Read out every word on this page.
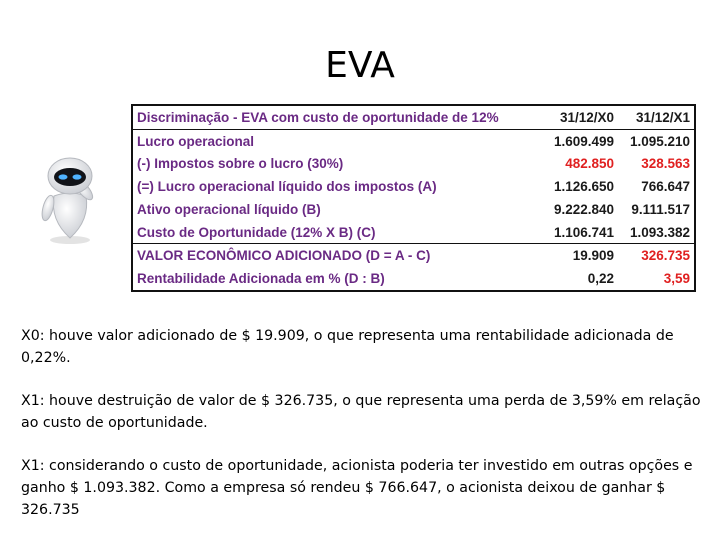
EVA
Discriminação - EVA com custo de oportunidade de 12%	31/12/X0	31/12/X1
Lucro operacional	1.609.499	1.095.210
(-) Impostos sobre o lucro (30%)	482.850	328.563
(=) Lucro operacional líquido dos impostos (A)	1.126.650	766.647
Ativo operacional líquido (B)	9.222.840	9.111.517
Custo de Oportunidade (12% X B) (C)	1.106.741	1.093.382
VALOR ECONÔMICO ADICIONADO (D = A - C)	19.909	326.735
Rentabilidade Adicionada em % (D : B)	0,22	3,59
X0: houve valor adicionado de $ 19.909, o que representa uma rentabilidade adicionada de 0,22%.
X1: houve destruição de valor de $ 326.735, o que representa uma perda de 3,59% em relação ao custo de oportunidade.
X1: considerando o custo de oportunidade, acionista poderia ter investido em outras opções e ganho $ 1.093.382. Como a empresa só rendeu $ 766.647, o acionista deixou de ganhar $ 326.735
